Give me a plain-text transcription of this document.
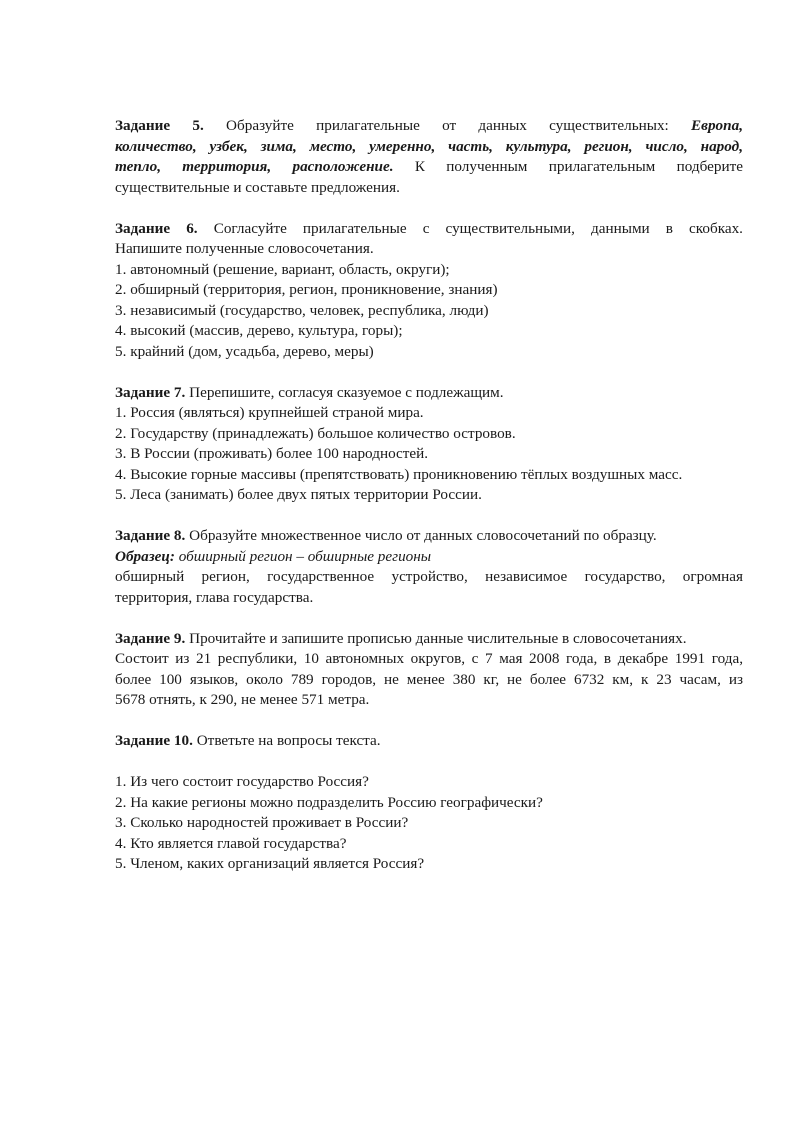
Задание 5. Образуйте прилагательные от данных существительных: Европа,
количество, узбек, зима, место, умеренно, часть, культура, регион, число, народ,
тепло, территория, расположение. К полученным прилагательным подберите
существительные и составьте предложения.
Задание 6. Согласуйте прилагательные с существительными, данными в скобках.
Напишите полученные словосочетания.
1. автономный (решение, вариант, область, округи);
2. обширный (территория, регион, проникновение, знания)
3. независимый (государство, человек, республика, люди)
4. высокий (массив, дерево, культура, горы);
5. крайний (дом, усадьба, дерево, меры)
Задание 7. Перепишите, согласуя сказуемое с подлежащим.
1. Россия (являться) крупнейшей страной мира.
2. Государству (принадлежать) большое количество островов.
3. В России (проживать) более 100 народностей.
4. Высокие горные массивы (препятствовать) проникновению тёплых воздушных масс.
5. Леса (занимать) более двух пятых территории России.
Задание 8. Образуйте множественное число от данных словосочетаний по образцу.
Образец: обширный регион – обширные регионы
обширный регион, государственное устройство, независимое государство, огромная
территория, глава государства.
Задание 9. Прочитайте и запишите прописью данные числительные в словосочетаниях.
Состоит из 21 республики, 10 автономных округов, с 7 мая 2008 года, в декабре 1991 года,
более 100 языков, около 789 городов, не менее 380 кг, не более 6732 км, к 23 часам, из
5678 отнять, к 290, не менее 571 метра.
Задание 10. Ответьте на вопросы текста.
1. Из чего состоит государство Россия?
2. На какие регионы можно подразделить Россию географически?
3. Сколько народностей проживает в России?
4. Кто является главой государства?
5. Членом, каких организаций является Россия?
